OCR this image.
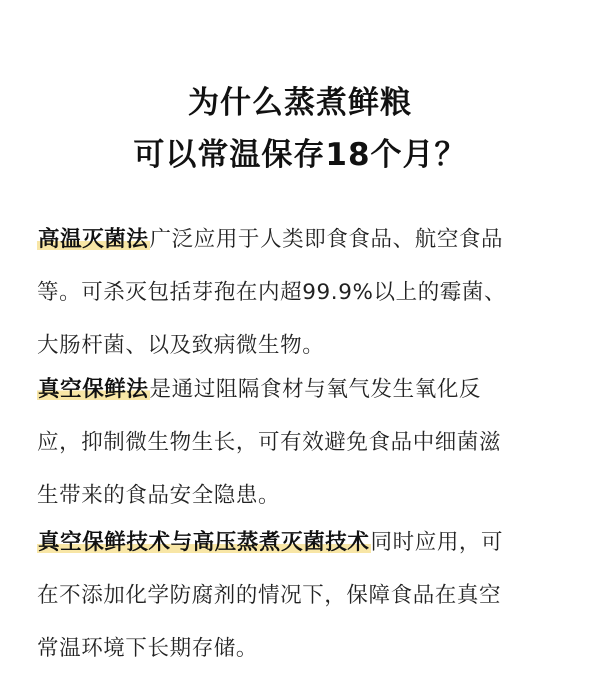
为什么蒸煮鲜粮
可以常温保存18个月？
高温灭菌法广泛应用于人类即食食品、航空食品
等。可杀灭包括芽孢在内超99.9%以上的霉菌、
大肠杆菌、以及致病微生物。
真空保鲜法是通过阻隔食材与氧气发生氧化反
应，抑制微生物生长，可有效避免食品中细菌滋
生带来的食品安全隐患。
真空保鲜技术与高压蒸煮灭菌技术同时应用，可
在不添加化学防腐剂的情况下，保障食品在真空
常温环境下长期存储。
